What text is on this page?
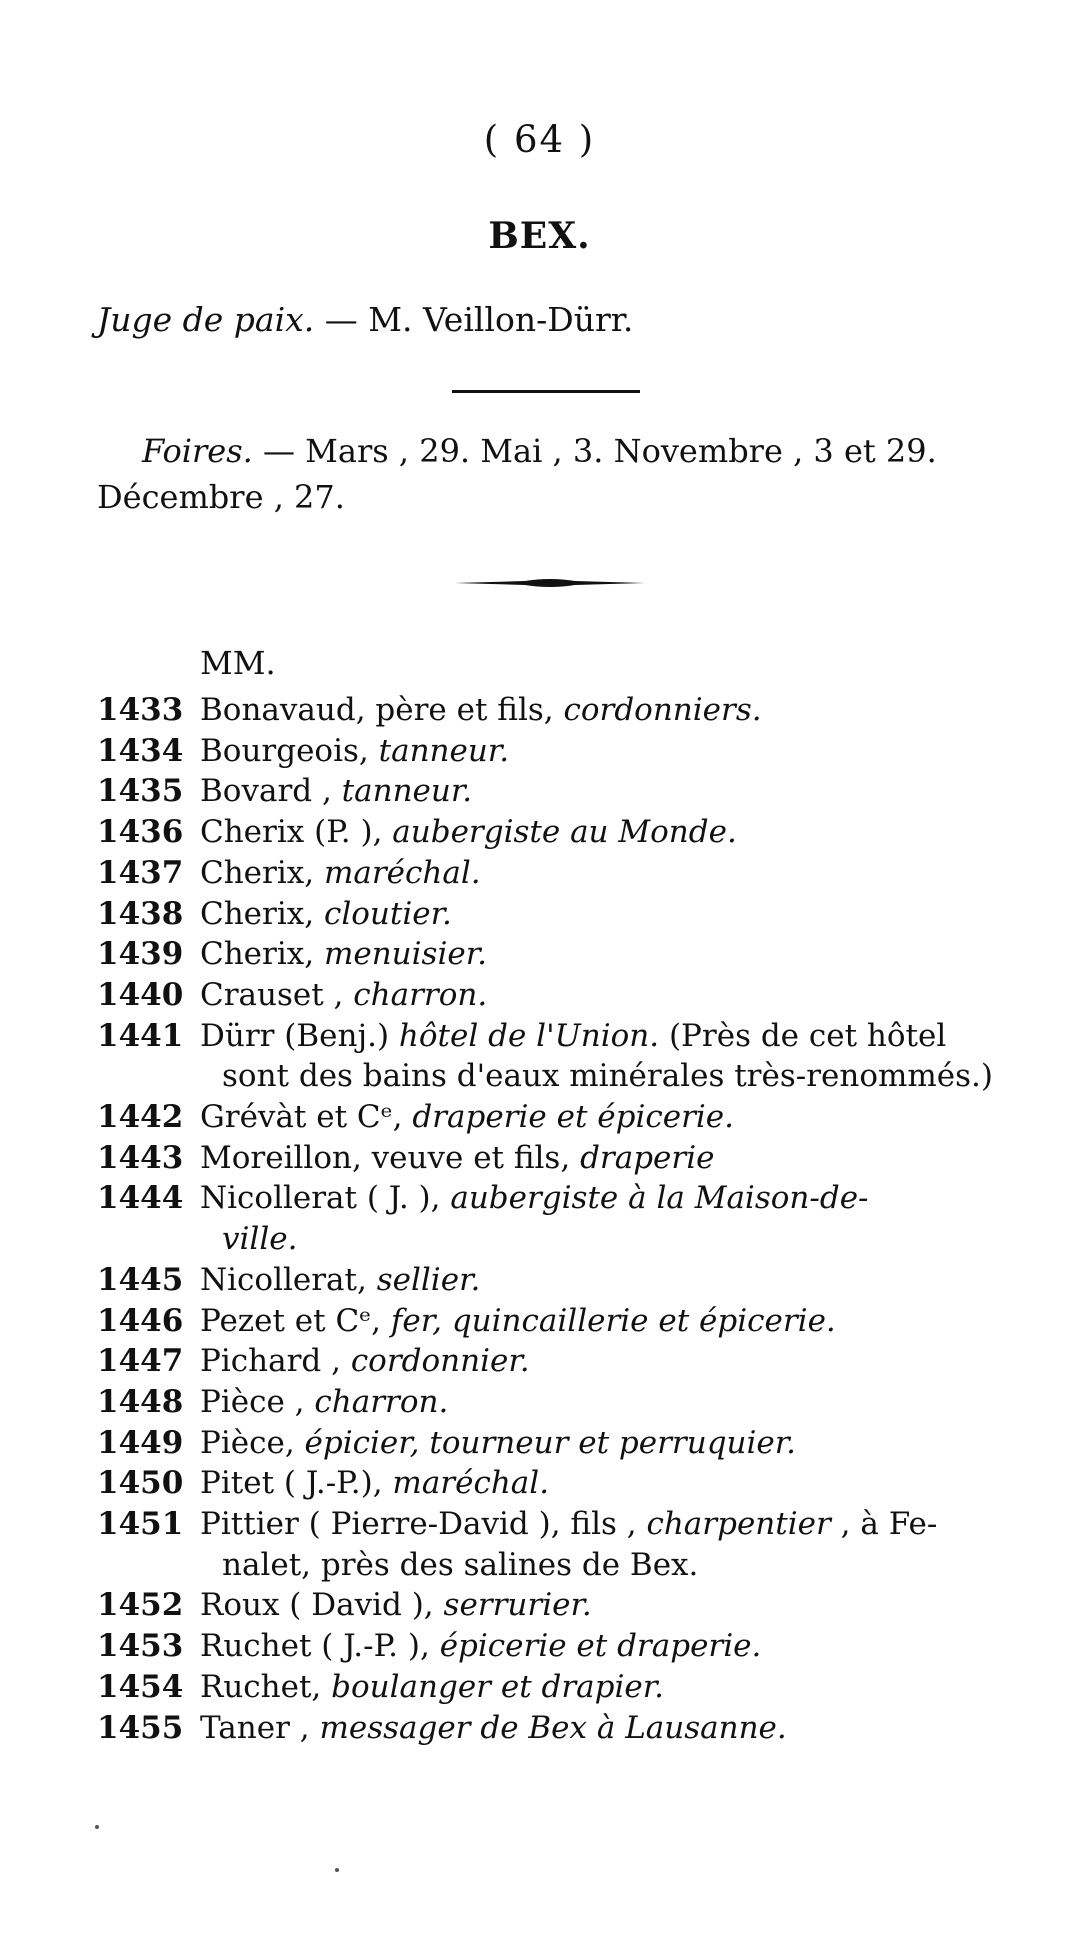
( 64 )
BEX.
Juge de paix. — M. Veillon-Dürr.
Foires. — Mars , 29. Mai , 3. Novembre , 3 et 29. Décembre , 27.
MM.
1433 Bonavaud, père et fils, cordonniers.
1434 Bourgeois, tanneur.
1435 Bovard , tanneur.
1436 Cherix (P. ), aubergiste au Monde.
1437 Cherix, maréchal.
1438 Cherix, cloutier.
1439 Cherix, menuisier.
1440 Crauset , charron.
1441 Dürr (Benj.) hôtel de l'Union. (Près de cet hôtel
sont des bains d'eaux minérales très-renommés.)
1442 Grévàt et Cᵉ, draperie et épicerie.
1443 Moreillon, veuve et fils, draperie
1444 Nicollerat ( J. ), aubergiste à la Maison-de-
ville.
1445 Nicollerat, sellier.
1446 Pezet et Cᵉ, fer, quincaillerie et épicerie.
1447 Pichard , cordonnier.
1448 Pièce , charron.
1449 Pièce, épicier, tourneur et perruquier.
1450 Pitet ( J.-P.), maréchal.
1451 Pittier ( Pierre-David ), fils , charpentier , à Fe-
nalet, près des salines de Bex.
1452 Roux ( David ), serrurier.
1453 Ruchet ( J.-P. ), épicerie et draperie.
1454 Ruchet, boulanger et drapier.
1455 Taner , messager de Bex à Lausanne.
